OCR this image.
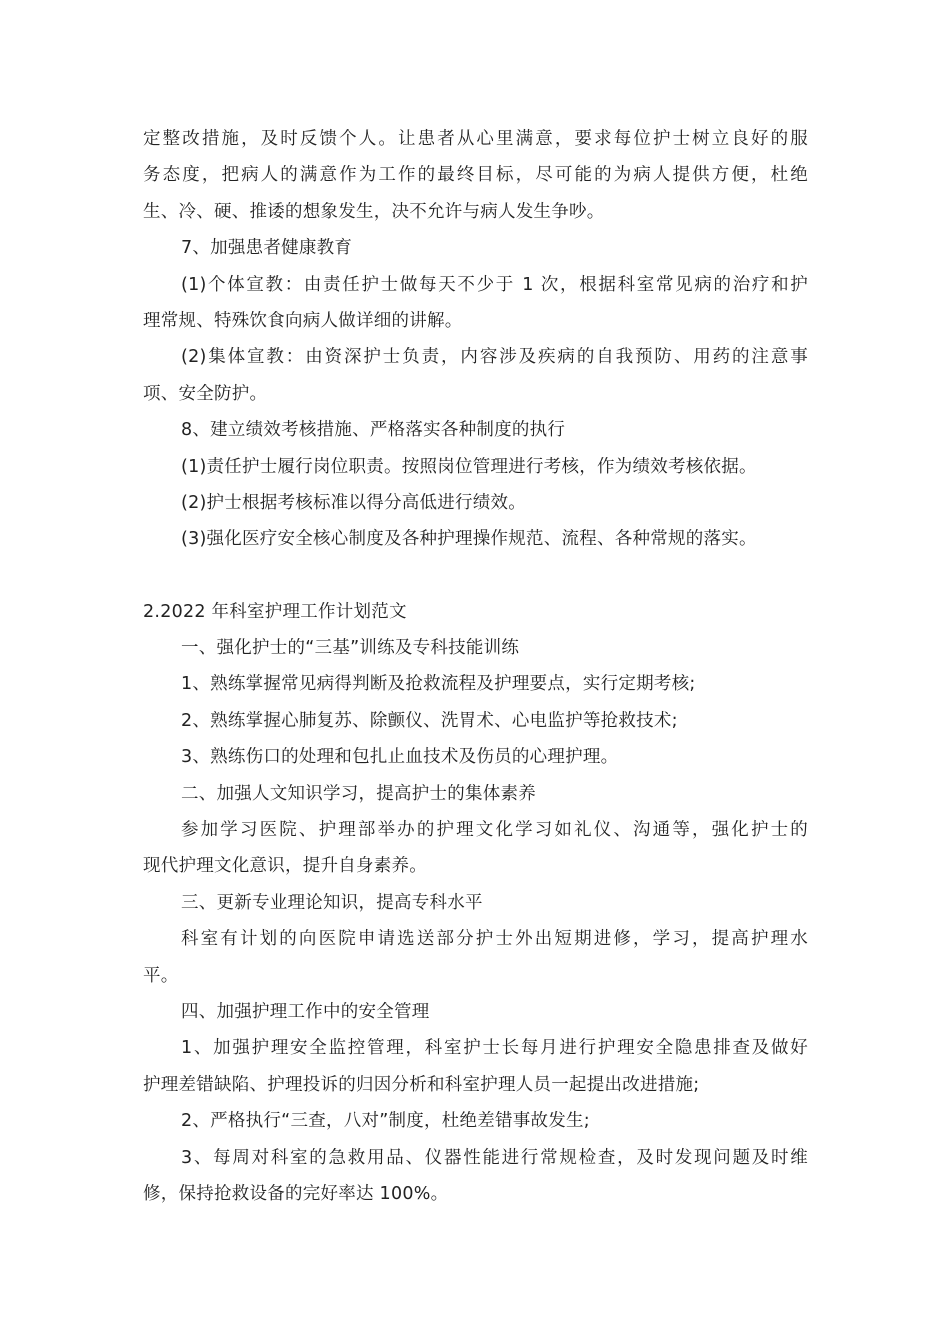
定整改措施，及时反馈个人。让患者从心里满意，要求每位护士树立良好的服
务态度，把病人的满意作为工作的最终目标，尽可能的为病人提供方便，杜绝
生、冷、硬、推诿的想象发生，决不允许与病人发生争吵。
7、加强患者健康教育
(1)个体宣教：由责任护士做每天不少于 1 次，根据科室常见病的治疗和护
理常规、特殊饮食向病人做详细的讲解。
(2)集体宣教：由资深护士负责，内容涉及疾病的自我预防、用药的注意事
项、安全防护。
8、建立绩效考核措施、严格落实各种制度的执行
(1)责任护士履行岗位职责。按照岗位管理进行考核，作为绩效考核依据。
(2)护士根据考核标准以得分高低进行绩效。
(3)强化医疗安全核心制度及各种护理操作规范、流程、各种常规的落实。
2.2022 年科室护理工作计划范文
一、强化护士的“三基”训练及专科技能训练
1、熟练掌握常见病得判断及抢救流程及护理要点，实行定期考核;
2、熟练掌握心肺复苏、除颤仪、洗胃术、心电监护等抢救技术;
3、熟练伤口的处理和包扎止血技术及伤员的心理护理。
二、加强人文知识学习，提高护士的集体素养
参加学习医院、护理部举办的护理文化学习如礼仪、沟通等，强化护士的
现代护理文化意识，提升自身素养。
三、更新专业理论知识，提高专科水平
科室有计划的向医院申请选送部分护士外出短期进修，学习，提高护理水
平。
四、加强护理工作中的安全管理
1、加强护理安全监控管理，科室护士长每月进行护理安全隐患排查及做好
护理差错缺陷、护理投诉的归因分析和科室护理人员一起提出改进措施;
2、严格执行“三查，八对”制度，杜绝差错事故发生;
3、每周对科室的急救用品、仪器性能进行常规检查，及时发现问题及时维
修，保持抢救设备的完好率达 100%。
